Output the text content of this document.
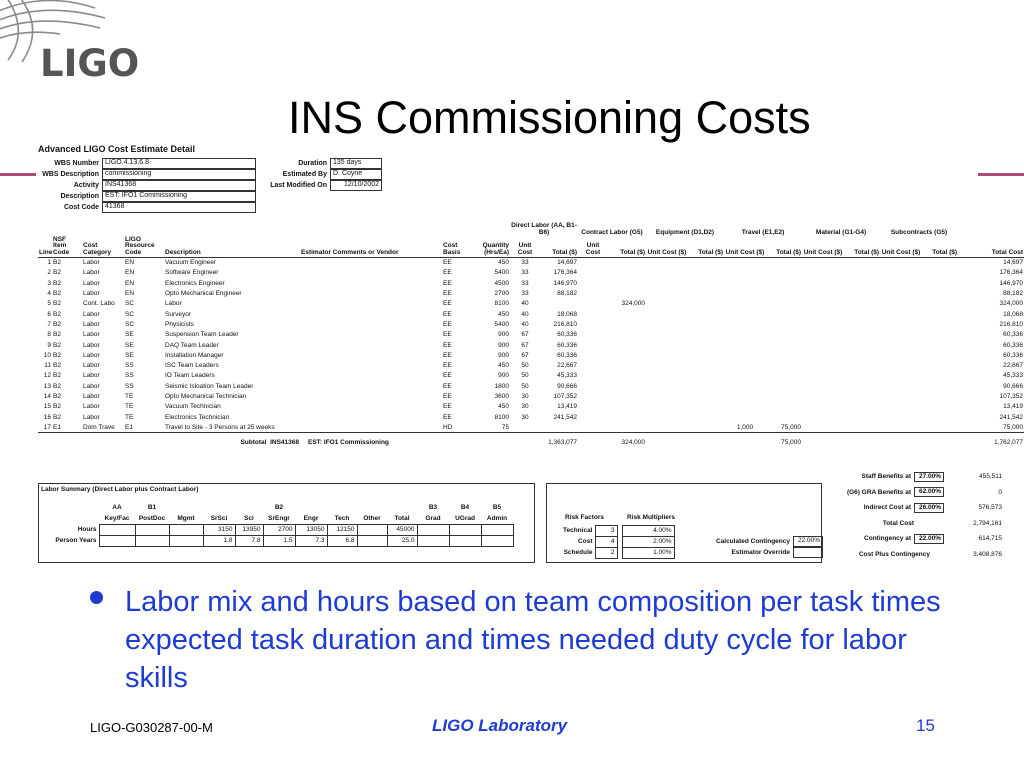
LIGO
INS Commissioning Costs
Advanced LIGO Cost Estimate Detail
WBS Number LIGO.4.13.6.8
WBS Description commissioning
Activity INS41368
Description EST: IFO1 Commissioning
Cost Code 41368
Duration 135 days
Estimated By D. Coyne
Last Modified On	12/10/2002
								Direct Labor (AA, B1-B6)		Contract Labor (G5)		Equipment (D1,D2)		Travel (E1,E2)		Material (G1-G4)		Subcontracts (G5)		
Line	NSF Item Code	Cost Category	LIGO Resource Code	Description	Estimator Comments or Vendor	Cost Basis	Quantity (Hrs/Ea)	Unit Cost	Total ($)	Unit Cost	Total ($)	Unit Cost ($)	Total ($)	Unit Cost ($)	Total ($)	Unit Cost ($)	Total ($)	Unit Cost ($)	Total ($)	Total Cost
1	B2	Labor	EN	Vacuum Engineer		EE	450	33	14,697											14,697
2	B2	Labor	EN	Software Engineer		EE	5400	33	176,364											176,364
3	B2	Labor	EN	Electronics Engineer		EE	4500	33	146,970											146,970
4	B2	Labor	EN	Opto Mechanical Engineer		EE	2700	33	88,182											88,182
5	B2	Cont. Labo	SC	Labor		EE	8100	40			324,000									324,000
6	B2	Labor	SC	Surveyor		EE	450	40	18,068											18,068
7	B2	Labor	SC	Physicists		EE	5400	40	216,810											216,810
8	B2	Labor	SE	Suspension Team Leader		EE	900	67	60,336											60,336
9	B2	Labor	SE	DAQ Team Leader		EE	900	67	60,336											60,336
10	B2	Labor	SE	Installation Manager		EE	900	67	60,336											60,336
11	B2	Labor	SS	ISC Team Leaders		EE	450	50	22,667											22,667
12	B2	Labor	SS	IO Team Leaders		EE	900	50	45,333											45,333
13	B2	Labor	SS	Seismic Isloation Team Leader		EE	1800	50	90,666											90,666
14	B2	Labor	TE	Opto Mechanical Technician		EE	3600	30	107,352											107,352
15	B2	Labor	TE	Vacuum Technician		EE	450	30	13,419											13,419
16	B2	Labor	TE	Electronics Technician		EE	8100	30	241,542											241,542
17	E1	Dom Trave	E1	Travel to Site - 3 Persons at 25 weeks		HD	75							1,000	75,000					75,000
Subtotal INS41368					EST: IFO1 Commissioning				1,363,077		324,000				75,000					1,762,077
Staff Benefits at	27.00%	455,511
(G6) GRA Benefits at	62.00%	0
Indirect Cost at	26.00%	576,573
Total Cost	2,794,161
Contingency at	22.00%	614,715
Cost Plus Contingency	3,408,876
Labor Summary (Direct Labor plus Contract Labor)
	AA	B1				B2					B3	B4	B5
	Key/Fac	PostDoc	Mgmt	SrSci	Sci	SrEngr	Engr	Tech	Other	Total	Grad	UGrad	Admin
Hours				3150	13950	2700	13050	12150		45000			
Person Years				1.8	7.8	1.5	7.3	6.8		25.0			
Risk Factors	Risk Multipliers
Technical	3		4.00%
Cost	4		2.00%
Schedule	2		1.00%
Calculated Contingency	22.00%
Estimator Override
Labor mix and hours based on team composition per task times expected task duration and times needed duty cycle for labor skills
LIGO-G030287-00-M	LIGO Laboratory	15
